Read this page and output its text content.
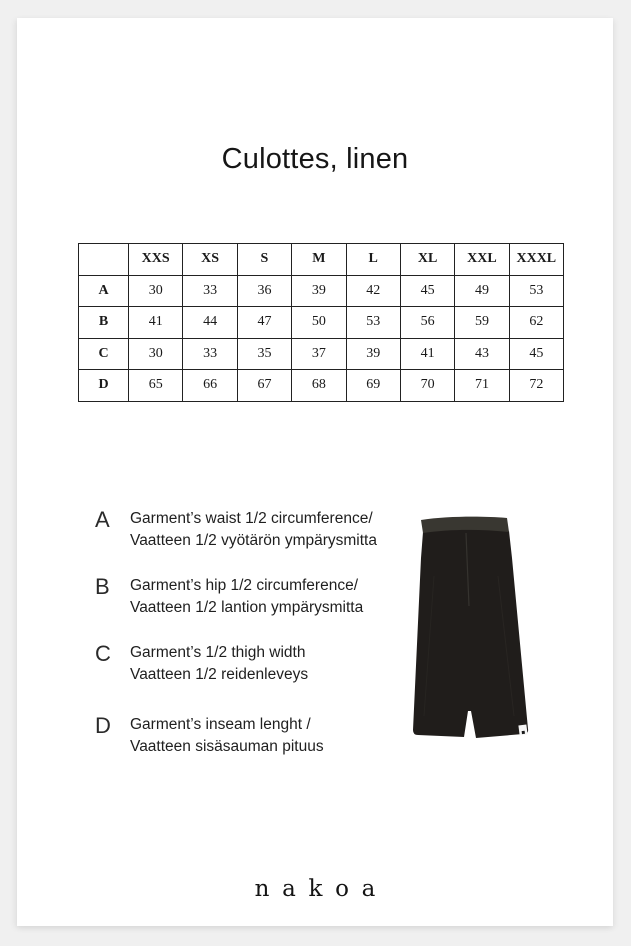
Culottes, linen
	XXS	XS	S	M	L	XL	XXL	XXXL
A	30	33	36	39	42	45	49	53
B	41	44	47	50	53	56	59	62
C	30	33	35	37	39	41	43	45
D	65	66	67	68	69	70	71	72
A	Garment’s waist 1/2 circumference/
Vaatteen 1/2 vyötärön ympärysmitta
B	Garment’s hip 1/2 circumference/
Vaatteen 1/2 lantion ympärysmitta
C	Garment’s 1/2 thigh width
Vaatteen 1/2 reidenleveys
D	Garment’s inseam lenght /
Vaatteen sisäsauman pituus
nakoa
